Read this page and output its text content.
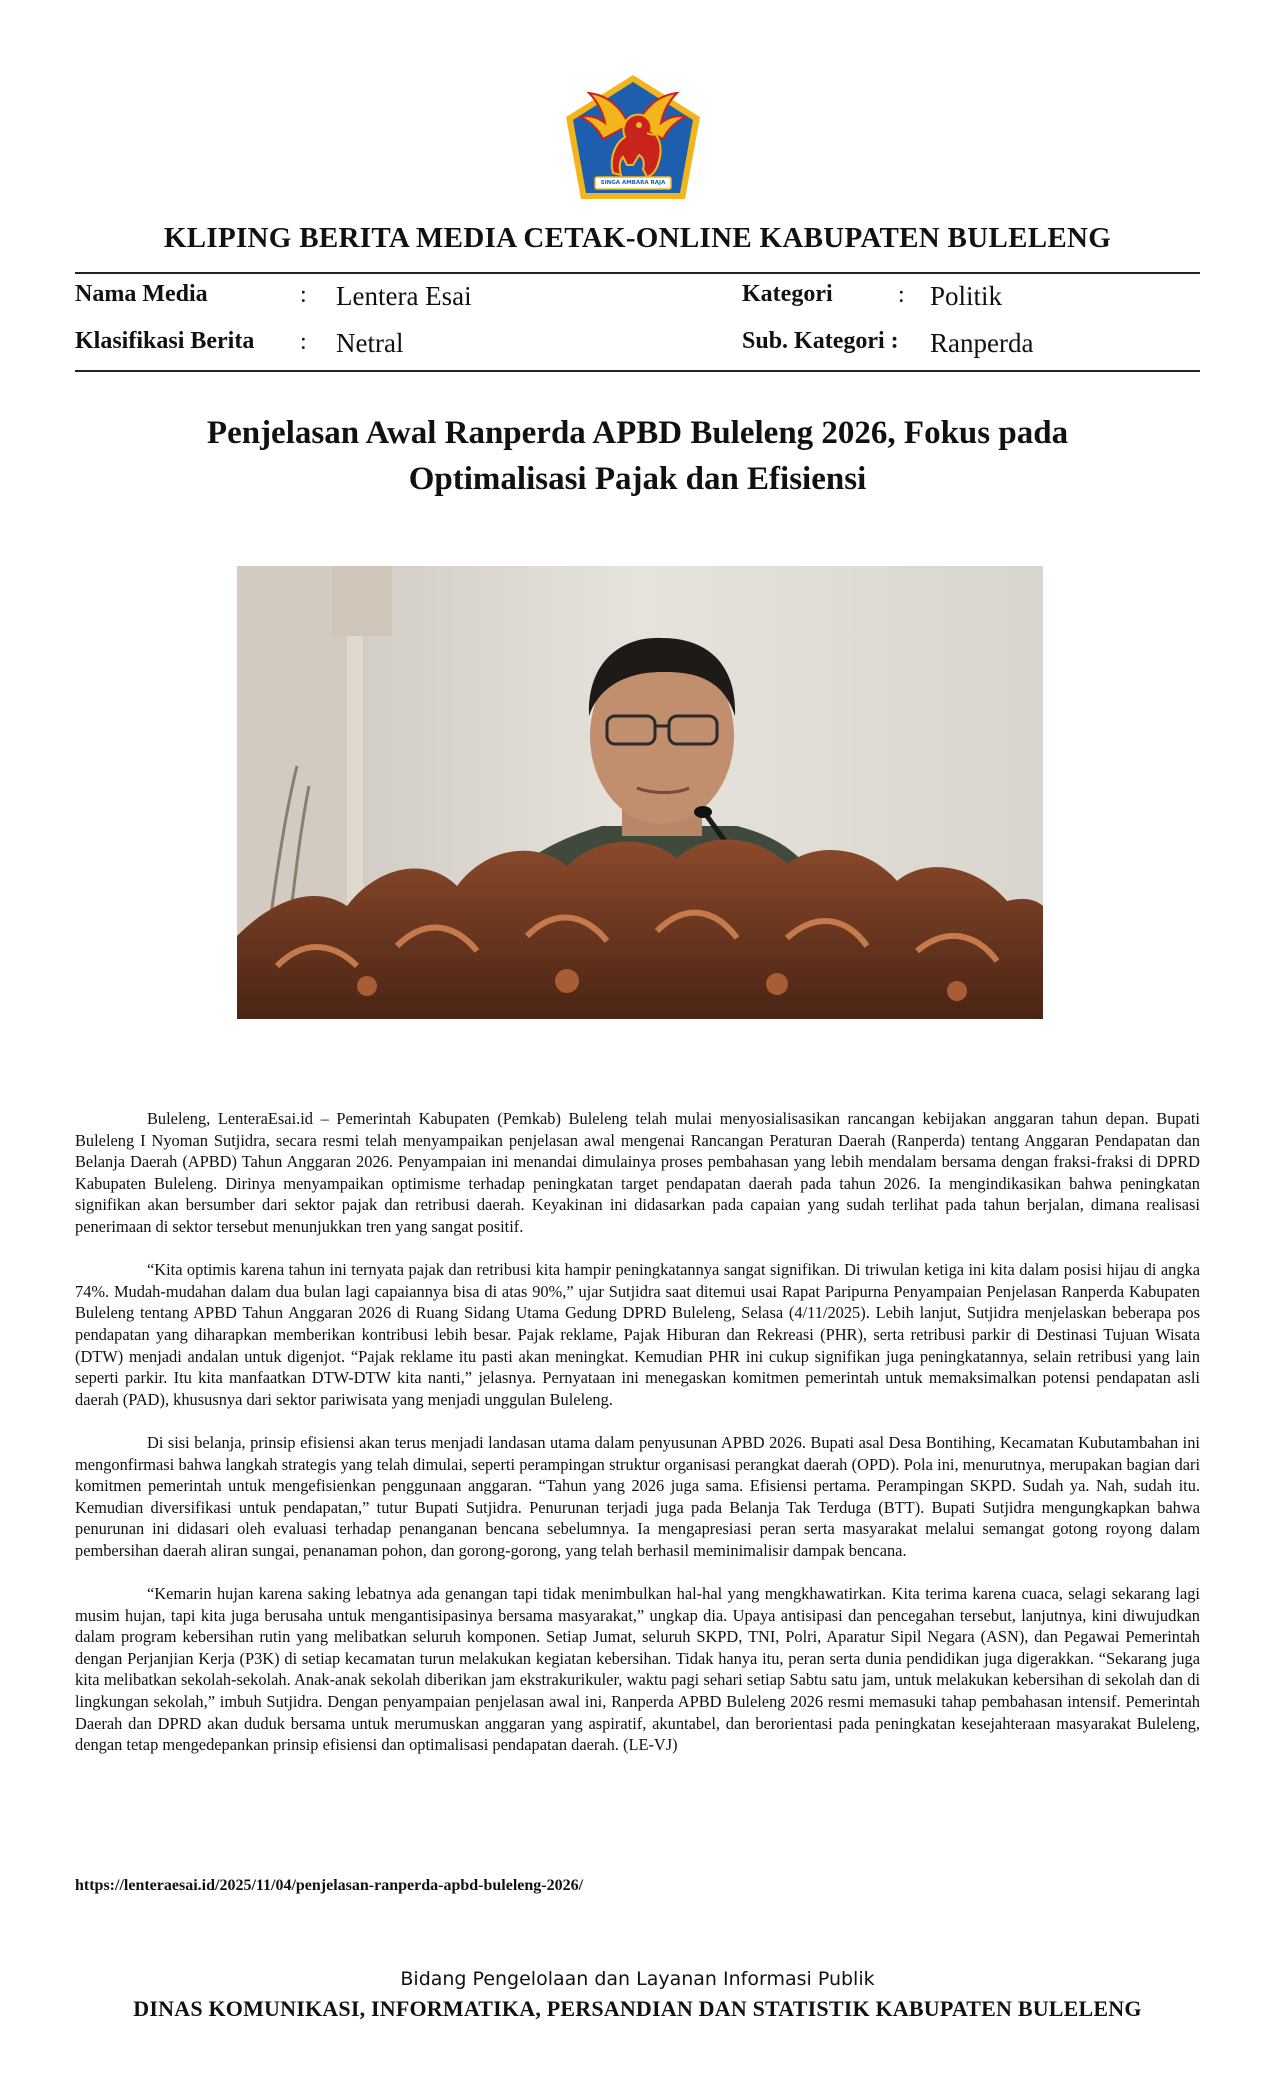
SINGA AMBARA RAJA
KLIPING BERITA MEDIA CETAK-ONLINE KABUPATEN BULELENG
Nama Media	: Lentera Esai	Kategori	: Politik
Klasifikasi Berita : Netral	Sub. Kategori : Ranperda
Penjelasan Awal Ranperda APBD Buleleng 2026, Fokus pada
Optimalisasi Pajak dan Efisiensi

Buleleng, LenteraEsai.id – Pemerintah Kabupaten (Pemkab) Buleleng telah mulai menyosialisasikan rancangan kebijakan anggaran tahun depan. Bupati Buleleng I Nyoman Sutjidra, secara resmi telah menyampaikan penjelasan awal mengenai Rancangan Peraturan Daerah (Ranperda) tentang Anggaran Pendapatan dan Belanja Daerah (APBD) Tahun Anggaran 2026. Penyampaian ini menandai dimulainya proses pembahasan yang lebih mendalam bersama dengan fraksi-fraksi di DPRD Kabupaten Buleleng. Dirinya menyampaikan optimisme terhadap peningkatan target pendapatan daerah pada tahun 2026. Ia mengindikasikan bahwa peningkatan signifikan akan bersumber dari sektor pajak dan retribusi daerah. Keyakinan ini didasarkan pada capaian yang sudah terlihat pada tahun berjalan, dimana realisasi penerimaan di sektor tersebut menunjukkan tren yang sangat positif.

“Kita optimis karena tahun ini ternyata pajak dan retribusi kita hampir peningkatannya sangat signifikan. Di triwulan ketiga ini kita dalam posisi hijau di angka 74%. Mudah-mudahan dalam dua bulan lagi capaiannya bisa di atas 90%,” ujar Sutjidra saat ditemui usai Rapat Paripurna Penyampaian Penjelasan Ranperda Kabupaten Buleleng tentang APBD Tahun Anggaran 2026 di Ruang Sidang Utama Gedung DPRD Buleleng, Selasa (4/11/2025). Lebih lanjut, Sutjidra menjelaskan beberapa pos pendapatan yang diharapkan memberikan kontribusi lebih besar. Pajak reklame, Pajak Hiburan dan Rekreasi (PHR), serta retribusi parkir di Destinasi Tujuan Wisata (DTW) menjadi andalan untuk digenjot. “Pajak reklame itu pasti akan meningkat. Kemudian PHR ini cukup signifikan juga peningkatannya, selain retribusi yang lain seperti parkir. Itu kita manfaatkan DTW-DTW kita nanti,” jelasnya. Pernyataan ini menegaskan komitmen pemerintah untuk memaksimalkan potensi pendapatan asli daerah (PAD), khususnya dari sektor pariwisata yang menjadi unggulan Buleleng.

Di sisi belanja, prinsip efisiensi akan terus menjadi landasan utama dalam penyusunan APBD 2026. Bupati asal Desa Bontihing, Kecamatan Kubutambahan ini mengonfirmasi bahwa langkah strategis yang telah dimulai, seperti perampingan struktur organisasi perangkat daerah (OPD). Pola ini, menurutnya, merupakan bagian dari komitmen pemerintah untuk mengefisienkan penggunaan anggaran. “Tahun yang 2026 juga sama. Efisiensi pertama. Perampingan SKPD. Sudah ya. Nah, sudah itu. Kemudian diversifikasi untuk pendapatan,” tutur Bupati Sutjidra. Penurunan terjadi juga pada Belanja Tak Terduga (BTT). Bupati Sutjidra mengungkapkan bahwa penurunan ini didasari oleh evaluasi terhadap penanganan bencana sebelumnya. Ia mengapresiasi peran serta masyarakat melalui semangat gotong royong dalam pembersihan daerah aliran sungai, penanaman pohon, dan gorong-gorong, yang telah berhasil meminimalisir dampak bencana.

“Kemarin hujan karena saking lebatnya ada genangan tapi tidak menimbulkan hal-hal yang mengkhawatirkan. Kita terima karena cuaca, selagi sekarang lagi musim hujan, tapi kita juga berusaha untuk mengantisipasinya bersama masyarakat,” ungkap dia. Upaya antisipasi dan pencegahan tersebut, lanjutnya, kini diwujudkan dalam program kebersihan rutin yang melibatkan seluruh komponen. Setiap Jumat, seluruh SKPD, TNI, Polri, Aparatur Sipil Negara (ASN), dan Pegawai Pemerintah dengan Perjanjian Kerja (P3K) di setiap kecamatan turun melakukan kegiatan kebersihan. Tidak hanya itu, peran serta dunia pendidikan juga digerakkan. “Sekarang juga kita melibatkan sekolah-sekolah. Anak-anak sekolah diberikan jam ekstrakurikuler, waktu pagi sehari setiap Sabtu satu jam, untuk melakukan kebersihan di sekolah dan di lingkungan sekolah,” imbuh Sutjidra. Dengan penyampaian penjelasan awal ini, Ranperda APBD Buleleng 2026 resmi memasuki tahap pembahasan intensif. Pemerintah Daerah dan DPRD akan duduk bersama untuk merumuskan anggaran yang aspiratif, akuntabel, dan berorientasi pada peningkatan kesejahteraan masyarakat Buleleng, dengan tetap mengedepankan prinsip efisiensi dan optimalisasi pendapatan daerah. (LE-VJ)

https://lenteraesai.id/2025/11/04/penjelasan-ranperda-apbd-buleleng-2026/
Bidang Pengelolaan dan Layanan Informasi Publik
DINAS KOMUNIKASI, INFORMATIKA, PERSANDIAN DAN STATISTIK KABUPATEN BULELENG
